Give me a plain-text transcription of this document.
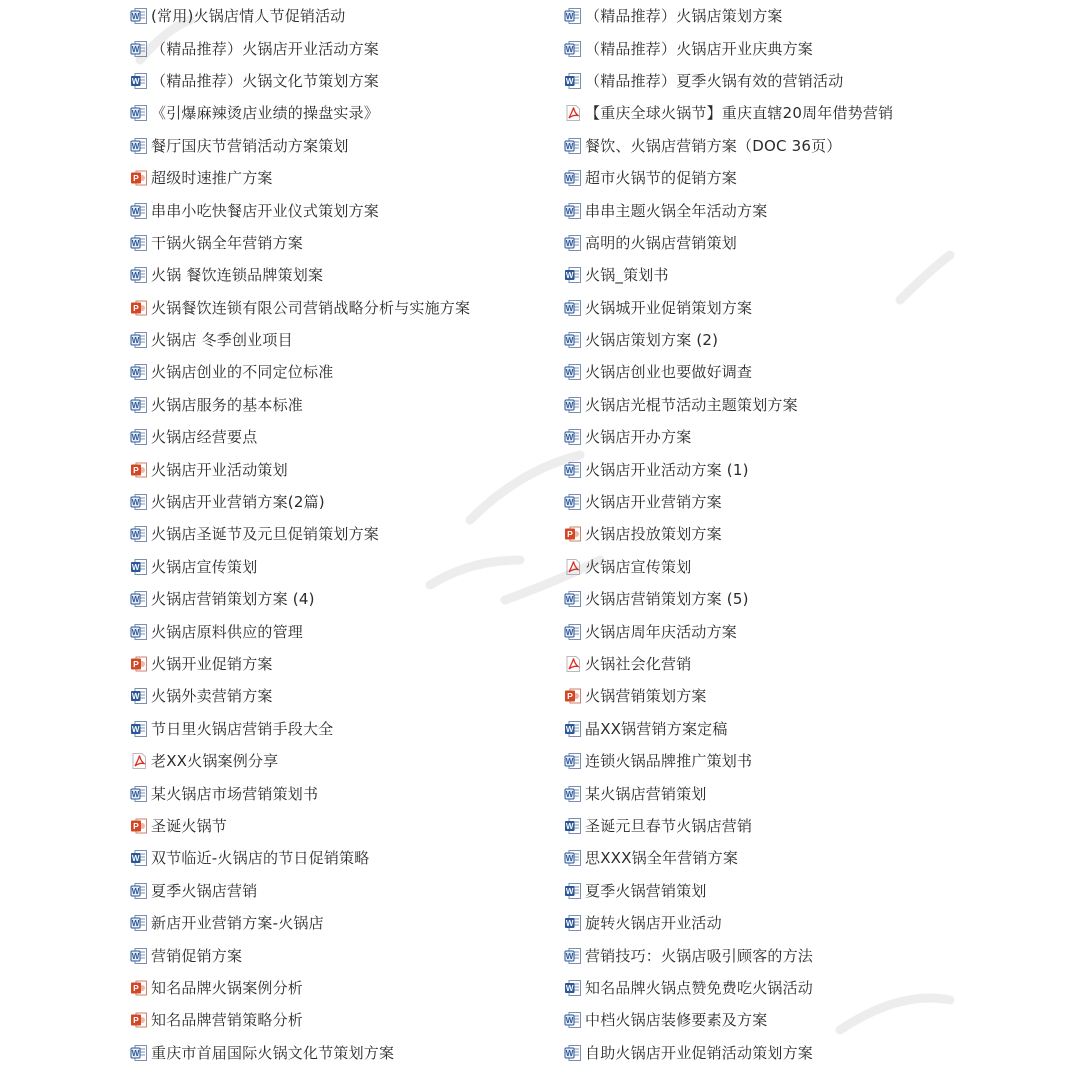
W (常用)火锅店情人节促销活动
W （精品推荐）火锅店开业活动方案
W （精品推荐）火锅文化节策划方案
W 《引爆麻辣烫店业绩的操盘实录》
W 餐厅国庆节营销活动方案策划
P 超级时速推广方案
W 串串小吃快餐店开业仪式策划方案
W 干锅火锅全年营销方案
W 火锅 餐饮连锁品牌策划案
P 火锅餐饮连锁有限公司营销战略分析与实施方案
W 火锅店 冬季创业项目
W 火锅店创业的不同定位标准
W 火锅店服务的基本标准
W 火锅店经营要点
P 火锅店开业活动策划
W 火锅店开业营销方案(2篇)
W 火锅店圣诞节及元旦促销策划方案
W 火锅店宣传策划
W 火锅店营销策划方案 (4)
W 火锅店原料供应的管理
P 火锅开业促销方案
W 火锅外卖营销方案
W 节日里火锅店营销手段大全
老XX火锅案例分享
W 某火锅店市场营销策划书
P 圣诞火锅节
W 双节临近-火锅店的节日促销策略
W 夏季火锅店营销
W 新店开业营销方案-火锅店
W 营销促销方案
P 知名品牌火锅案例分析
P 知名品牌营销策略分析
W 重庆市首届国际火锅文化节策划方案
W （精品推荐）火锅店策划方案
W （精品推荐）火锅店开业庆典方案
W （精品推荐）夏季火锅有效的营销活动
【重庆全球火锅节】重庆直辖20周年借势营销
W 餐饮、火锅店营销方案（DOC 36页）
W 超市火锅节的促销方案
W 串串主题火锅全年活动方案
W 高明的火锅店营销策划
W 火锅_策划书
W 火锅城开业促销策划方案
W 火锅店策划方案 (2)
W 火锅店创业也要做好调查
W 火锅店光棍节活动主题策划方案
W 火锅店开办方案
W 火锅店开业活动方案 (1)
W 火锅店开业营销方案
P 火锅店投放策划方案
火锅店宣传策划
W 火锅店营销策划方案 (5)
W 火锅店周年庆活动方案
火锅社会化营销
P 火锅营销策划方案
W 晶XX锅营销方案定稿
W 连锁火锅品牌推广策划书
W 某火锅店营销策划
W 圣诞元旦春节火锅店营销
W 思XXX锅全年营销方案
W 夏季火锅营销策划
W 旋转火锅店开业活动
W 营销技巧：火锅店吸引顾客的方法
W 知名品牌火锅点赞免费吃火锅活动
W 中档火锅店装修要素及方案
W 自助火锅店开业促销活动策划方案
